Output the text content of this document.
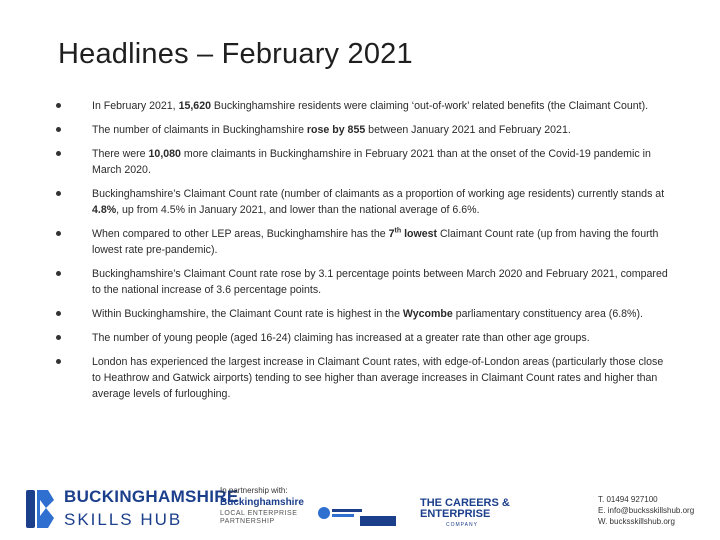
Headlines – February 2021
In February 2021, 15,620 Buckinghamshire residents were claiming ‘out-of-work’ related benefits (the Claimant Count).
The number of claimants in Buckinghamshire rose by 855 between January 2021 and February 2021.
There were 10,080 more claimants in Buckinghamshire in February 2021 than at the onset of the Covid-19 pandemic in March 2020.
Buckinghamshire’s Claimant Count rate (number of claimants as a proportion of working age residents) currently stands at 4.8%, up from 4.5% in January 2021, and lower than the national average of 6.6%.
When compared to other LEP areas, Buckinghamshire has the 7th lowest Claimant Count rate (up from having the fourth lowest rate pre-pandemic).
Buckinghamshire’s Claimant Count rate rose by 3.1 percentage points between March 2020 and February 2021, compared to the national increase of 3.6 percentage points.
Within Buckinghamshire, the Claimant Count rate is highest in the Wycombe parliamentary constituency area (6.8%).
The number of young people (aged 16-24) claiming has increased at a greater rate than other age groups.
London has experienced the largest increase in Claimant Count rates, with edge-of-London areas (particularly those close to Heathrow and Gatwick airports) tending to see higher than average increases in Claimant Count rates and higher than average levels of furloughing.
BUCKINGHAMSHIRE
SKILLS HUB
In partnership with:
Buckinghamshire
LOCAL ENTERPRISE PARTNERSHIP
THE CAREERS &
ENTERPRISE
COMPANY
T. 01494 927100
E. info@bucksskillshub.org
W. bucksskillshub.org
